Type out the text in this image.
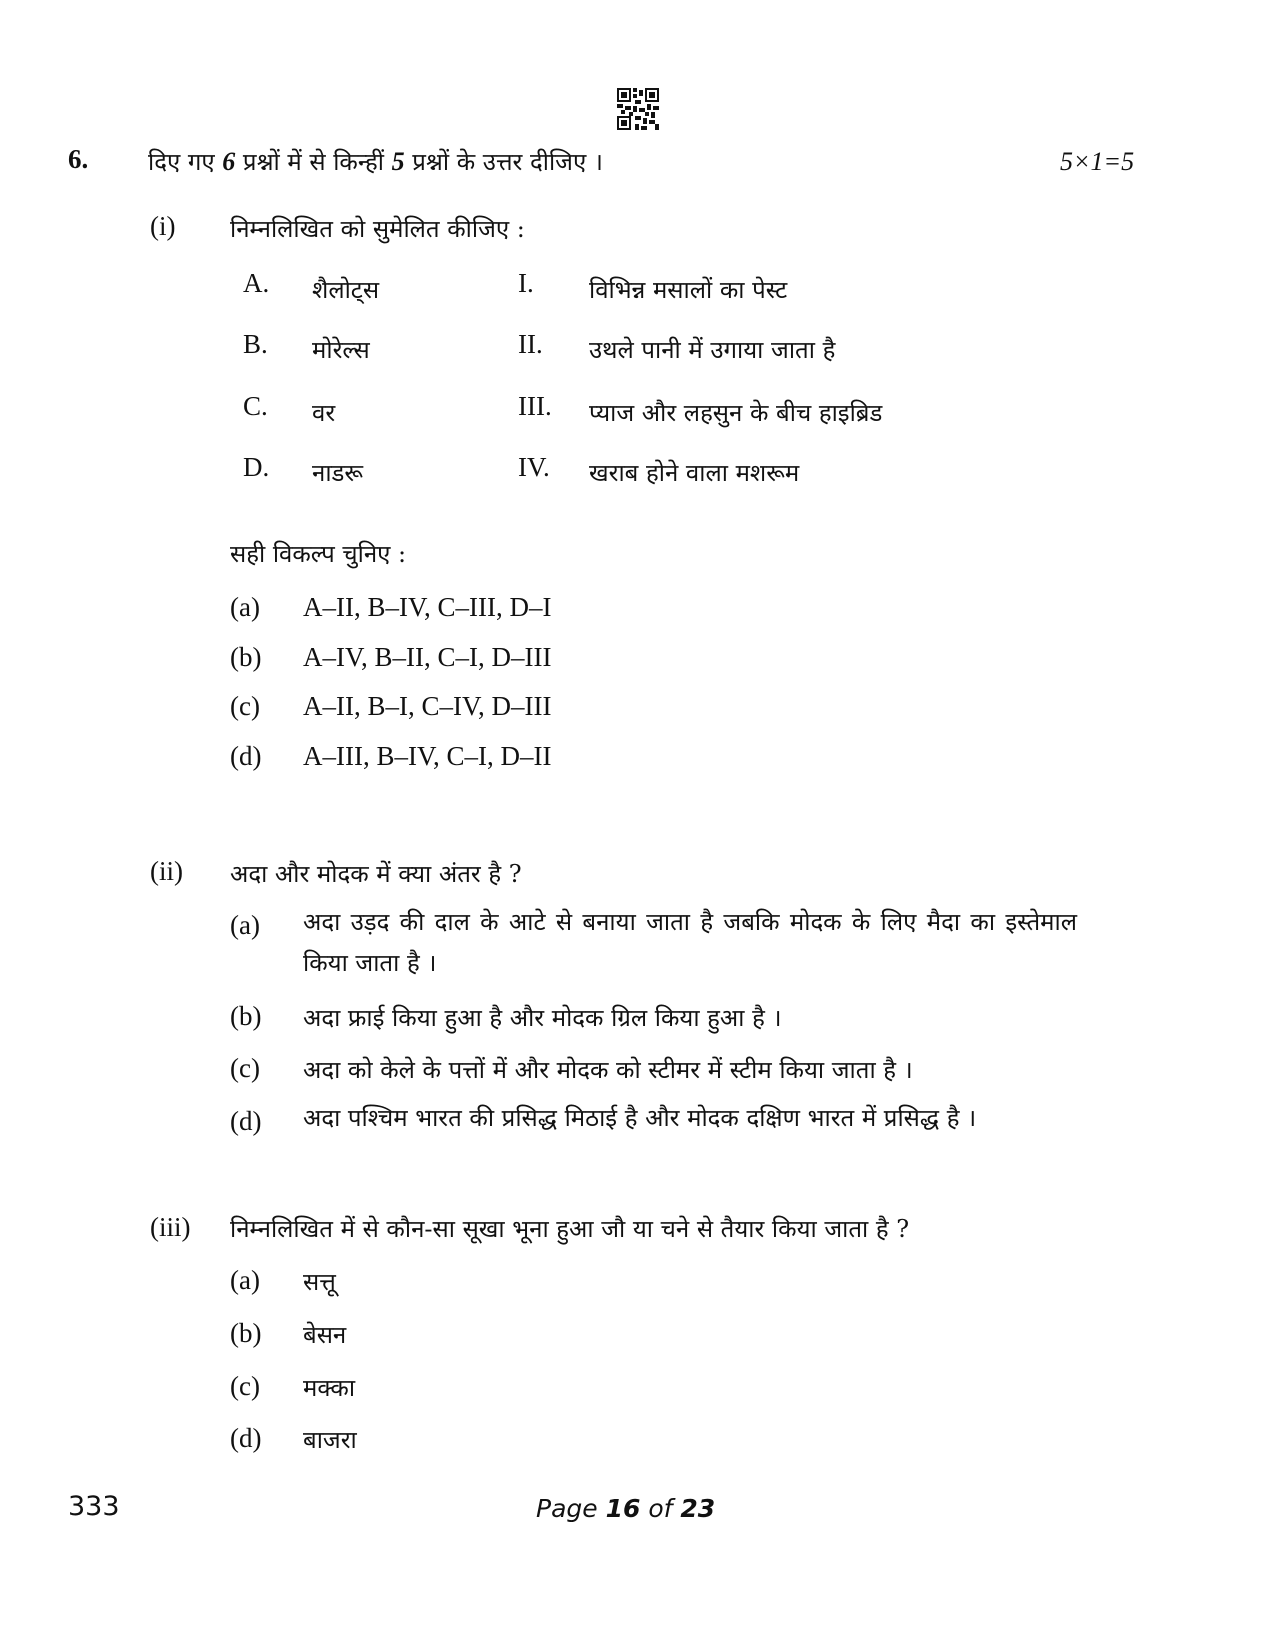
6. दिए गए 6 प्रश्नों में से किन्हीं 5 प्रश्नों के उत्तर दीजिए ।	5×1=5
(i) निम्नलिखित को सुमेलित कीजिए :
A. शैलोट्स	I. विभिन्न मसालों का पेस्ट
B. मोरेल्स	II. उथले पानी में उगाया जाता है
C. वर	III. प्याज और लहसुन के बीच हाइब्रिड
D. नाडरू	IV. खराब होने वाला मशरूम
सही विकल्प चुनिए :
(a) A–II, B–IV, C–III, D–I
(b) A–IV, B–II, C–I, D–III
(c) A–II, B–I, C–IV, D–III
(d) A–III, B–IV, C–I, D–II
(ii) अदा और मोदक में क्या अंतर है ?
(a) अदा उड़द की दाल के आटे से बनाया जाता है जबकि मोदक के लिए मैदा का इस्तेमाल किया जाता है ।
(b) अदा फ्राई किया हुआ है और मोदक ग्रिल किया हुआ है ।
(c) अदा को केले के पत्तों में और मोदक को स्टीमर में स्टीम किया जाता है ।
(d) अदा पश्चिम भारत की प्रसिद्ध मिठाई है और मोदक दक्षिण भारत में प्रसिद्ध है ।
(iii) निम्नलिखित में से कौन-सा सूखा भूना हुआ जौ या चने से तैयार किया जाता है ?
(a) सत्तू
(b) बेसन
(c) मक्का
(d) बाजरा
333	Page 16 of 23
